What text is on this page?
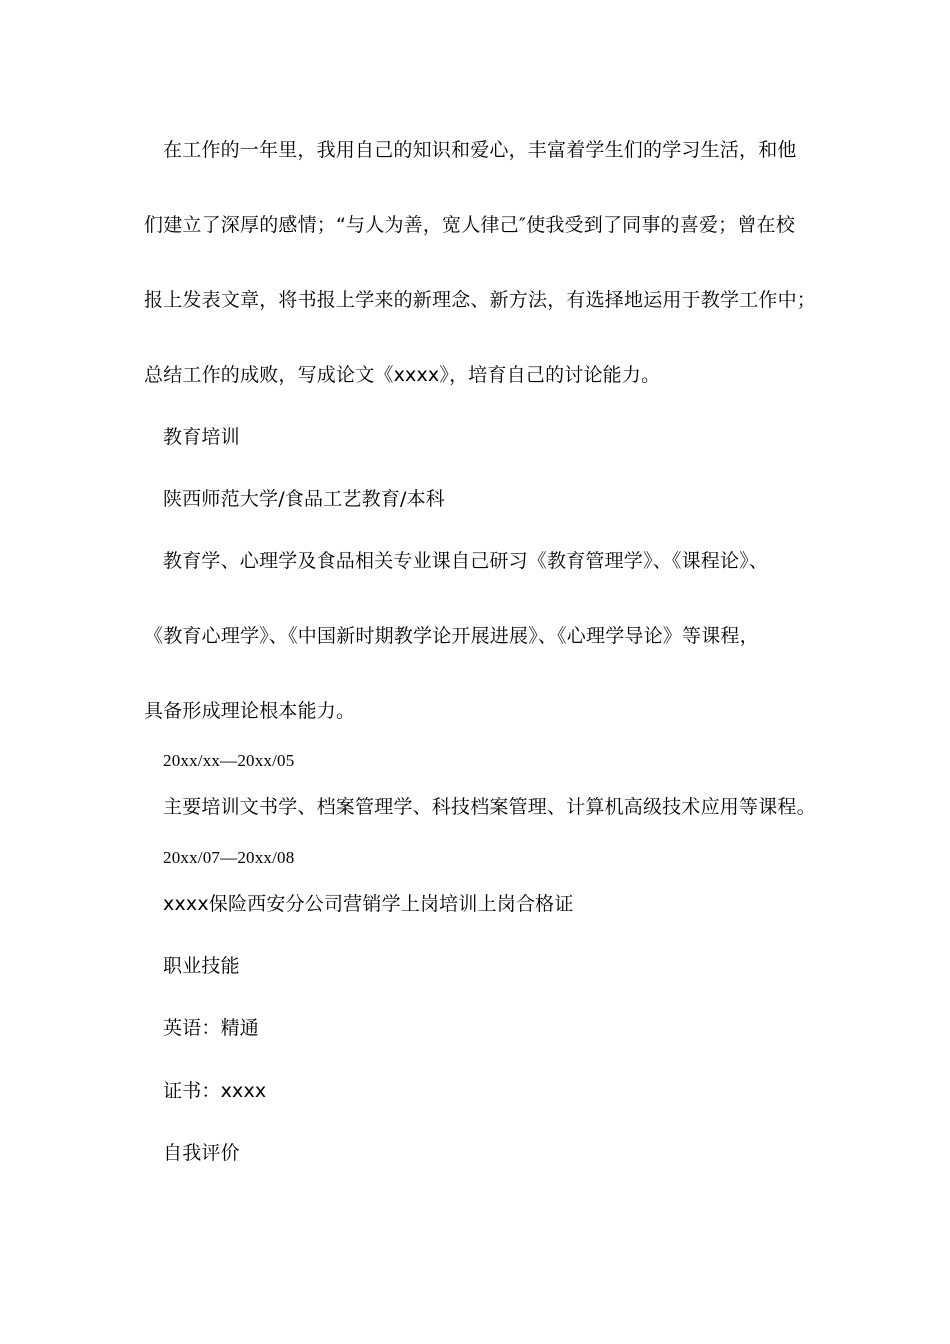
在工作的一年里，我用自己的知识和爱心，丰富着学生们的学习生活，和他
们建立了深厚的感情；“与人为善，宽人律己″使我受到了同事的喜爱；曾在校
报上发表文章，将书报上学来的新理念、新方法，有选择地运用于教学工作中；
总结工作的成败，写成论文《xxxx》，培育自己的讨论能力。
教育培训
陕西师范大学/食品工艺教育/本科
教育学、心理学及食品相关专业课自己研习《教育管理学》、《课程论》、
《教育心理学》、《中国新时期教学论开展进展》、《心理学导论》等课程，
具备形成理论根本能力。
20xx/xx—20xx/05
主要培训文书学、档案管理学、科技档案管理、计算机高级技术应用等课程。
20xx/07—20xx/08
xxxx保险西安分公司营销学上岗培训上岗合格证
职业技能
英语：精通
证书：xxxx
自我评价
